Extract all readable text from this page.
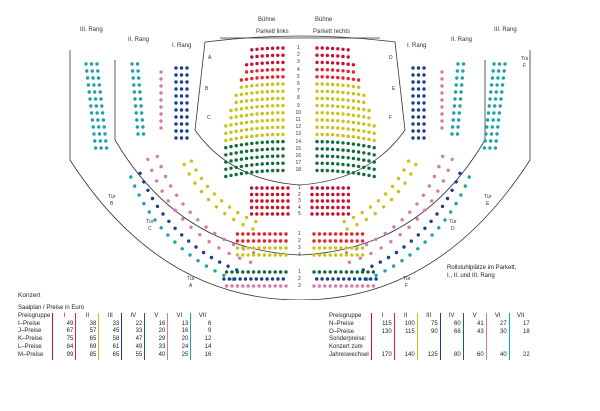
III. Rang
II. Rang
I. Rang
III. Rang
II. Rang
I. Rang
Bühne	Bühne
Parkett links	Parkett rechts
A
B
C
D
E
F
Tür
F
Tür
B
Tür
E
Tür
C
Tür
D
Tür
A
Tür
F
1
2
3
4
5
6
7
8
9
10
11
12
13
14
15
16
17
18
1
2
3
4
5
1
2
3
4
1
2
3
Rollstuhlplätze im Parkett, I., II. und III. Rang
Konzert
Saalplan / Preise in Euro							
Preisgruppe	I	II	III	IV	V	VI	VII

I–Preise	49	38	33	22	16	13	6
J–Preise	67	57	45	33	20	16	9
K–Preise	75	65	58	47	29	20	12
L–Preise	84	69	61	49	33	24	14
M–Preise	99	85	65	55	40	25	16
Preisgruppe	I	II	III	IV	V	VI	VII

N–Preise	115	100	75	60	41	27	17
O–Preise	130	115	90	68	43	30	18
Sonderpreise:							
Konzert zum							
Jahreswechsel	170	140	125	80	60	40	22
